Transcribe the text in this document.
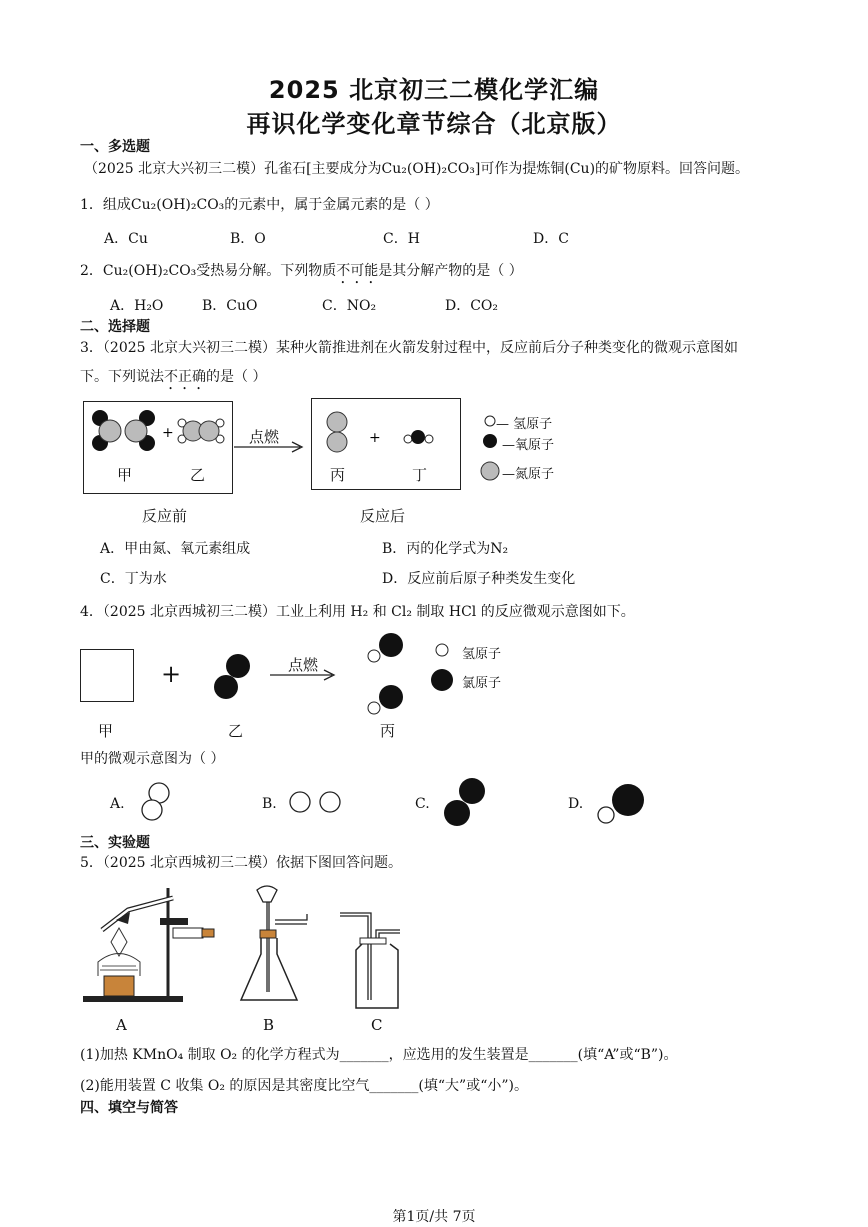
2025 北京初三二模化学汇编
再识化学变化章节综合（北京版）
一、多选题
（2025 北京大兴初三二模）孔雀石[主要成分为Cu₂(OH)₂CO₃]可作为提炼铜(Cu)的矿物原料。回答问题。
1．组成Cu₂(OH)₂CO₃的元素中，属于金属元素的是（ ）
A．Cu	B．O	C．H	D．C
2．Cu₂(OH)₂CO₃受热易分解。下列物质不可能是其分解产物的是（ ）
A．H₂O	B．CuO	C．NO₂	D．CO₂
二、选择题
3．（2025 北京大兴初三二模）某种火箭推进剂在火箭发射过程中，反应前后分子种类变化的微观示意图如
下。下列说法不正确的是（ ）
+
甲	乙
点燃	+
丙	丁
— 氢原子
—氧原子
—氮原子
反应前	反应后
A．甲由氮、氧元素组成	B．丙的化学式为N₂
C．丁为水	D．反应前后原子种类发生变化
4．（2025 北京西城初三二模）工业上利用 H₂ 和 Cl₂ 制取 HCl 的反应微观示意图如下。
+	点燃
氢原子
氯原子
甲	乙	丙
甲的微观示意图为（ ）
A.	B.	C.	D.
三、实验题
5．（2025 北京西城初三二模）依据下图回答问题。
A	B	C
(1)加热 KMnO₄ 制取 O₂ 的化学方程式为_______，应选用的发生装置是_______(填“A”或“B”)。
(2)能用装置 C 收集 O₂ 的原因是其密度比空气_______(填“大”或“小”)。
四、填空与简答
第1页/共 7页
